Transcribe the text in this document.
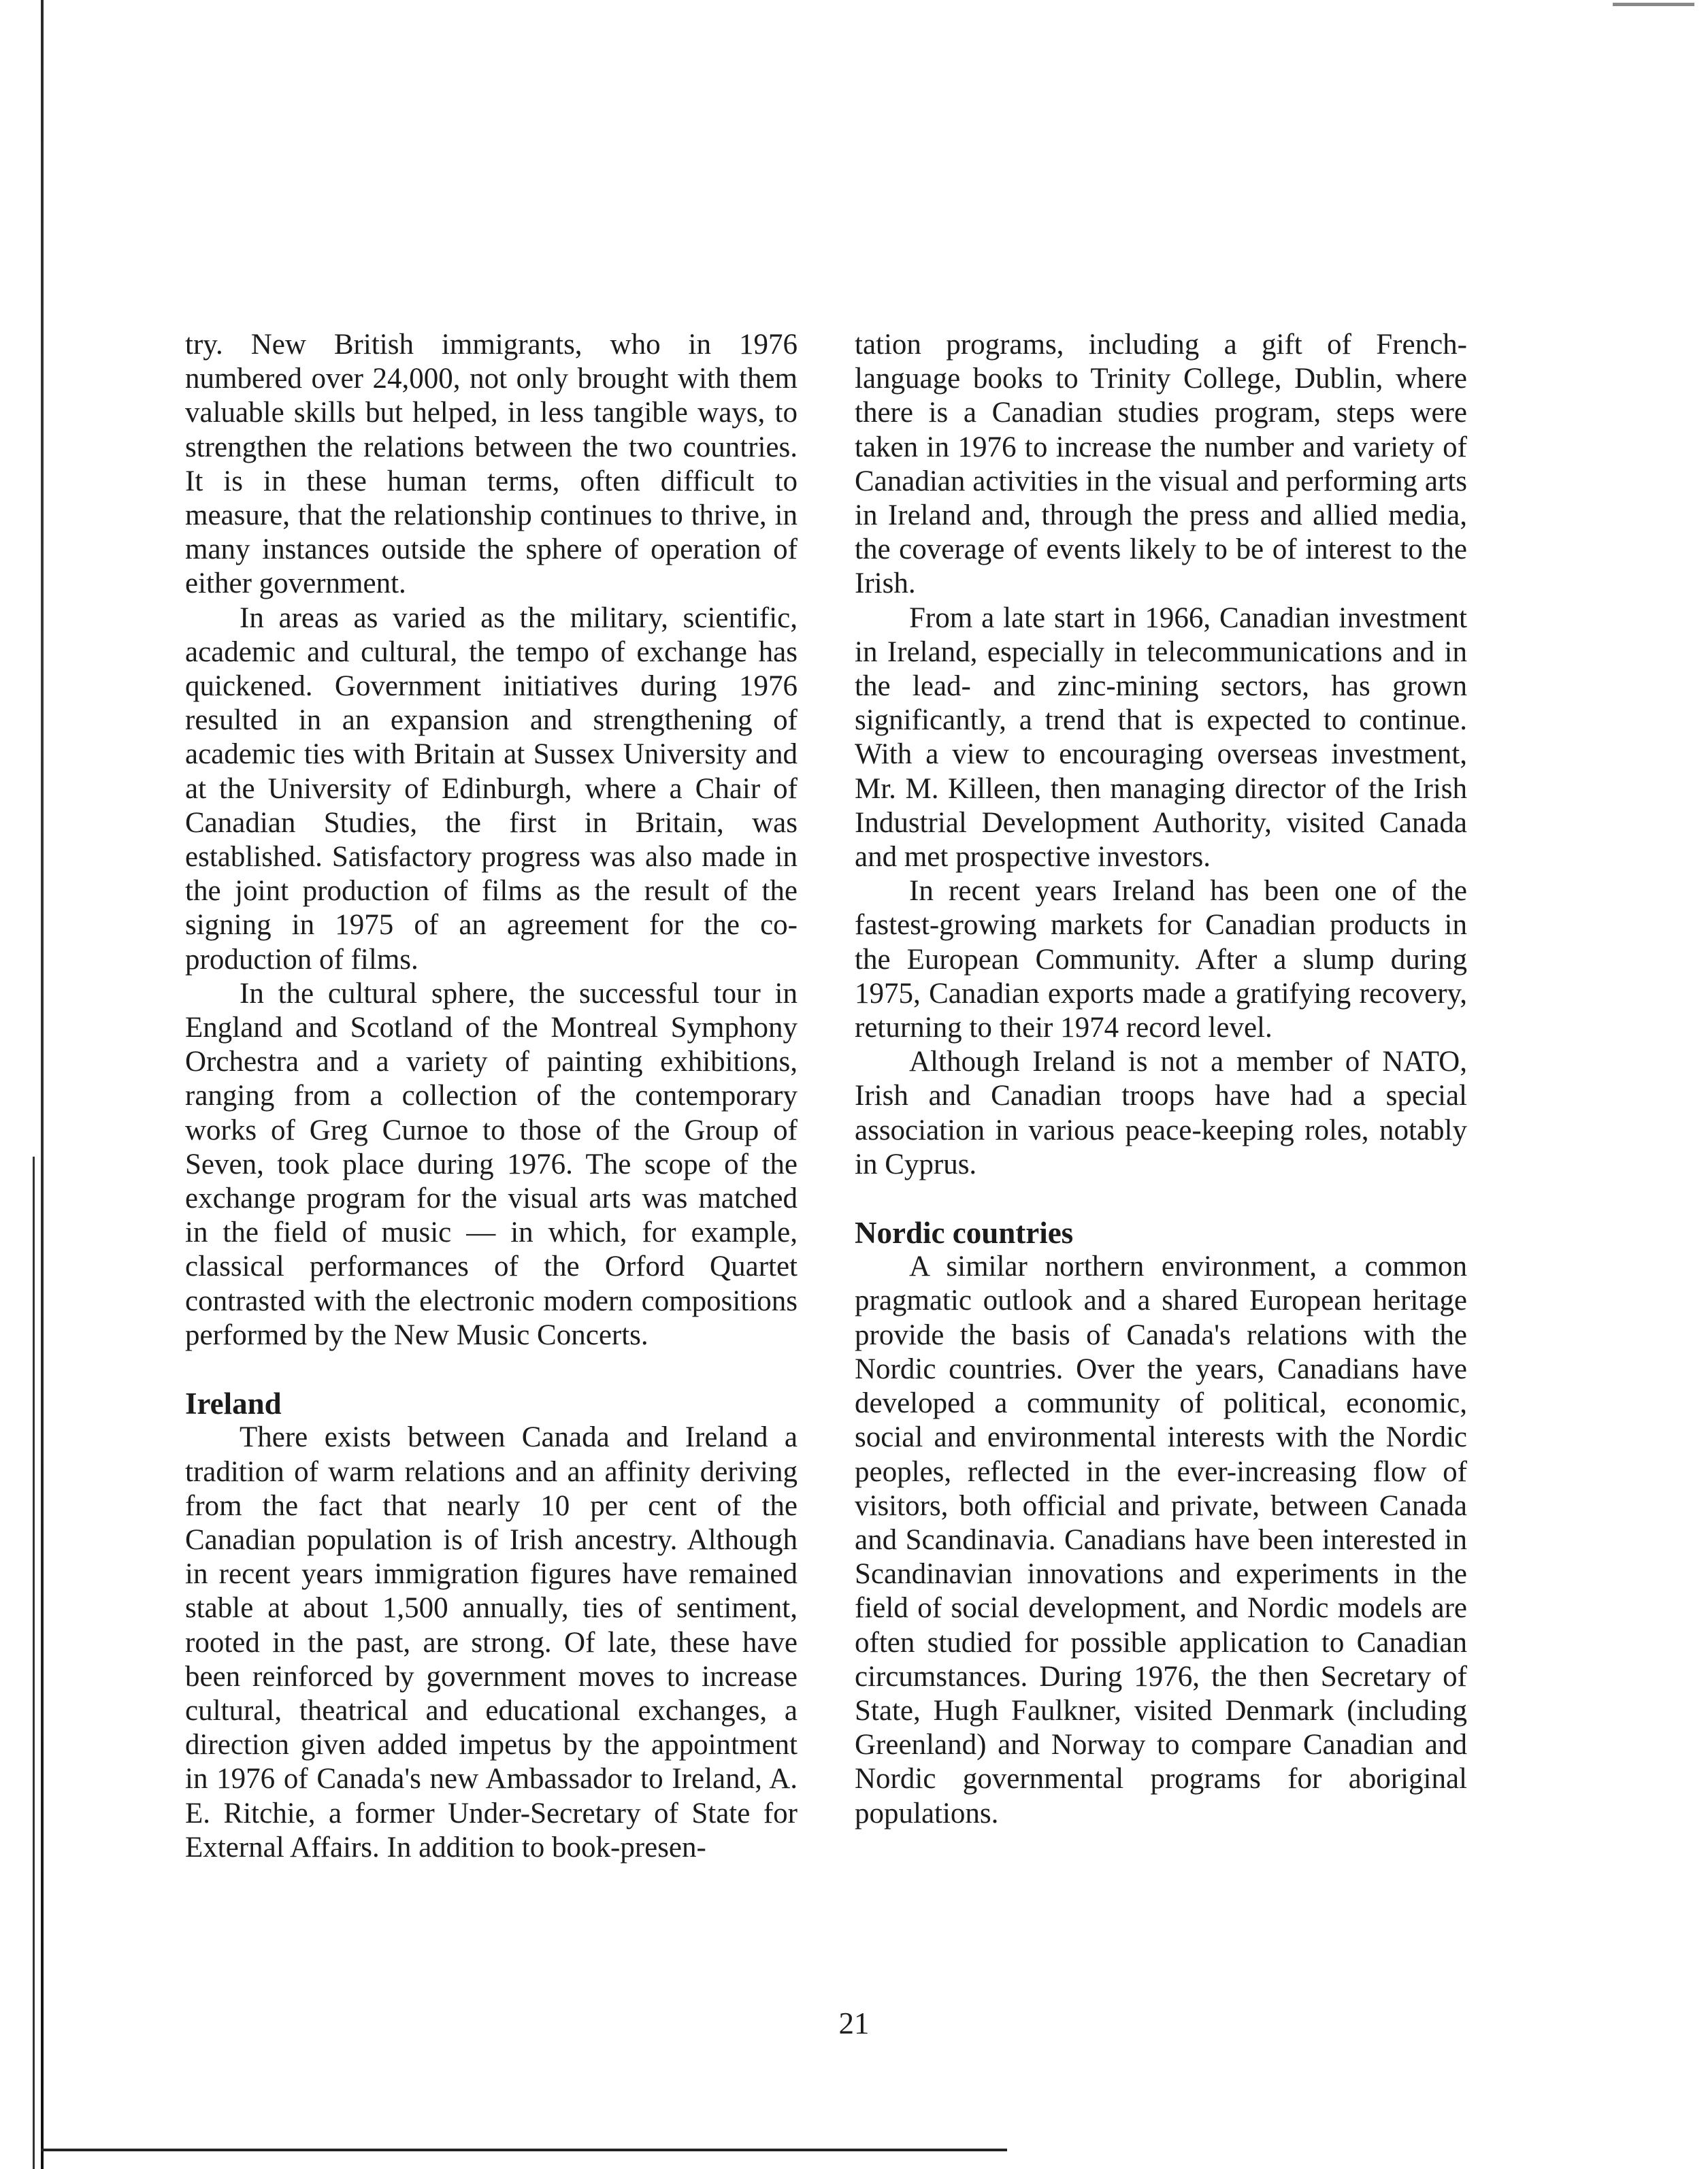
try. New British immigrants, who in 1976 numbered over 24,000, not only brought with them valuable skills but helped, in less tangible ways, to strengthen the relations between the two countries. It is in these human terms, often difficult to measure, that the relationship continues to thrive, in many instances outside the sphere of operation of either government.

In areas as varied as the military, scientific, academic and cultural, the tempo of exchange has quickened. Government initiatives during 1976 resulted in an expansion and strengthening of academic ties with Britain at Sussex University and at the University of Edinburgh, where a Chair of Canadian Studies, the first in Britain, was established. Satisfactory progress was also made in the joint production of films as the result of the signing in 1975 of an agreement for the co-production of films.

In the cultural sphere, the successful tour in England and Scotland of the Montreal Symphony Orchestra and a variety of painting exhibitions, ranging from a collection of the contemporary works of Greg Curnoe to those of the Group of Seven, took place during 1976. The scope of the exchange program for the visual arts was matched in the field of music — in which, for example, classical performances of the Orford Quartet contrasted with the electronic modern compositions performed by the New Music Concerts.

Ireland

There exists between Canada and Ireland a tradition of warm relations and an affinity deriving from the fact that nearly 10 per cent of the Canadian population is of Irish ancestry. Although in recent years immigration figures have remained stable at about 1,500 annually, ties of sentiment, rooted in the past, are strong. Of late, these have been reinforced by government moves to increase cultural, theatrical and educational exchanges, a direction given added impetus by the appointment in 1976 of Canada's new Ambassador to Ireland, A. E. Ritchie, a former Under-Secretary of State for External Affairs. In addition to book-presen-

tation programs, including a gift of French-language books to Trinity College, Dublin, where there is a Canadian studies program, steps were taken in 1976 to increase the number and variety of Canadian activities in the visual and performing arts in Ireland and, through the press and allied media, the coverage of events likely to be of interest to the Irish.

From a late start in 1966, Canadian investment in Ireland, especially in telecommunications and in the lead- and zinc-mining sectors, has grown significantly, a trend that is expected to continue. With a view to encouraging overseas investment, Mr. M. Killeen, then managing director of the Irish Industrial Development Authority, visited Canada and met prospective investors.

In recent years Ireland has been one of the fastest-growing markets for Canadian products in the European Community. After a slump during 1975, Canadian exports made a gratifying recovery, returning to their 1974 record level.

Although Ireland is not a member of NATO, Irish and Canadian troops have had a special association in various peace-keeping roles, notably in Cyprus.

Nordic countries

A similar northern environment, a common pragmatic outlook and a shared European heritage provide the basis of Canada's relations with the Nordic countries. Over the years, Canadians have developed a community of political, economic, social and environmental interests with the Nordic peoples, reflected in the ever-increasing flow of visitors, both official and private, between Canada and Scandinavia. Canadians have been interested in Scandinavian innovations and experiments in the field of social development, and Nordic models are often studied for possible application to Canadian circumstances. During 1976, the then Secretary of State, Hugh Faulkner, visited Denmark (including Greenland) and Norway to compare Canadian and Nordic governmental programs for aboriginal populations.

21
